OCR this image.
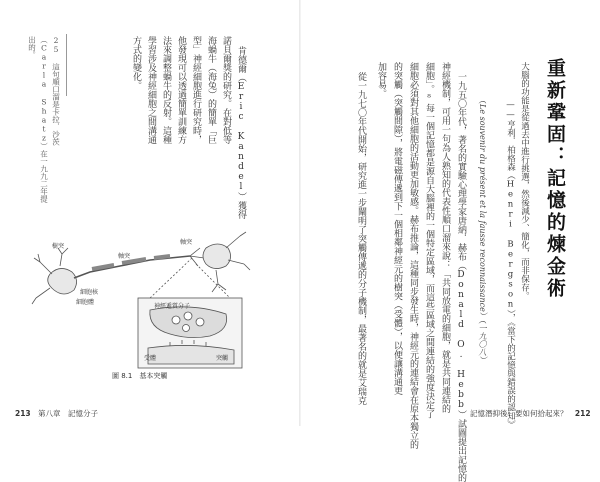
重新鞏固：記憶的煉金術
大腦的功能是從過去中進行挑選，然後減少、簡化，而非保存。
——亨利．柏格森（Henri Bergson），《當下的記憶與錯誤的認知》
（Le souvenir du présent et la fausse reconnaissance）（一九〇八）
一九五〇年代，著名的實驗心理學家唐納．赫布（Donald O. Hebb）試圖提出記憶的
神經機制，可用一句為人熟知的代表性順口溜來說：「共同放電的細胞，就是共同連結的
細胞」。⁸每一個記憶都是源自大腦裡的一個特定區域，而這些區域之間連結的強度決定了
細胞必須對其他細胞的活動更加敏感。赫布推論，這種同步發生時，神經元的連結會在原本獨立的
的突觸（突觸間隙），將電磁傳遞到下一個相鄰神經元的樹突（受體），以便讓溝通更
加容易。
從一九七〇年代開始，研究進一步闡明了突觸傳遞的分子機制，最著名的就是艾瑞克
記憶潛抑後：要如何拾起來？ 212
肯德爾（Eric Kandel）獲得
諾貝爾獎的研究。在對低等
海蝸牛（海兔）的簡單「巨
型」神經細胞進行研究時，
他發現可以透過簡單訓練方
法來調整蝸牛的反射。這種
學習涉及神經細胞之間溝通
方式的變化。
25 這句順口溜是卡拉．沙茨
（Carla Shatz）在一九九二年提
出的。
樹突
軸突
細胞核
細胞體
軸突
神經遞質分子
受體	突觸
圖 8.1　基本突觸
213 第八章　記憶分子
